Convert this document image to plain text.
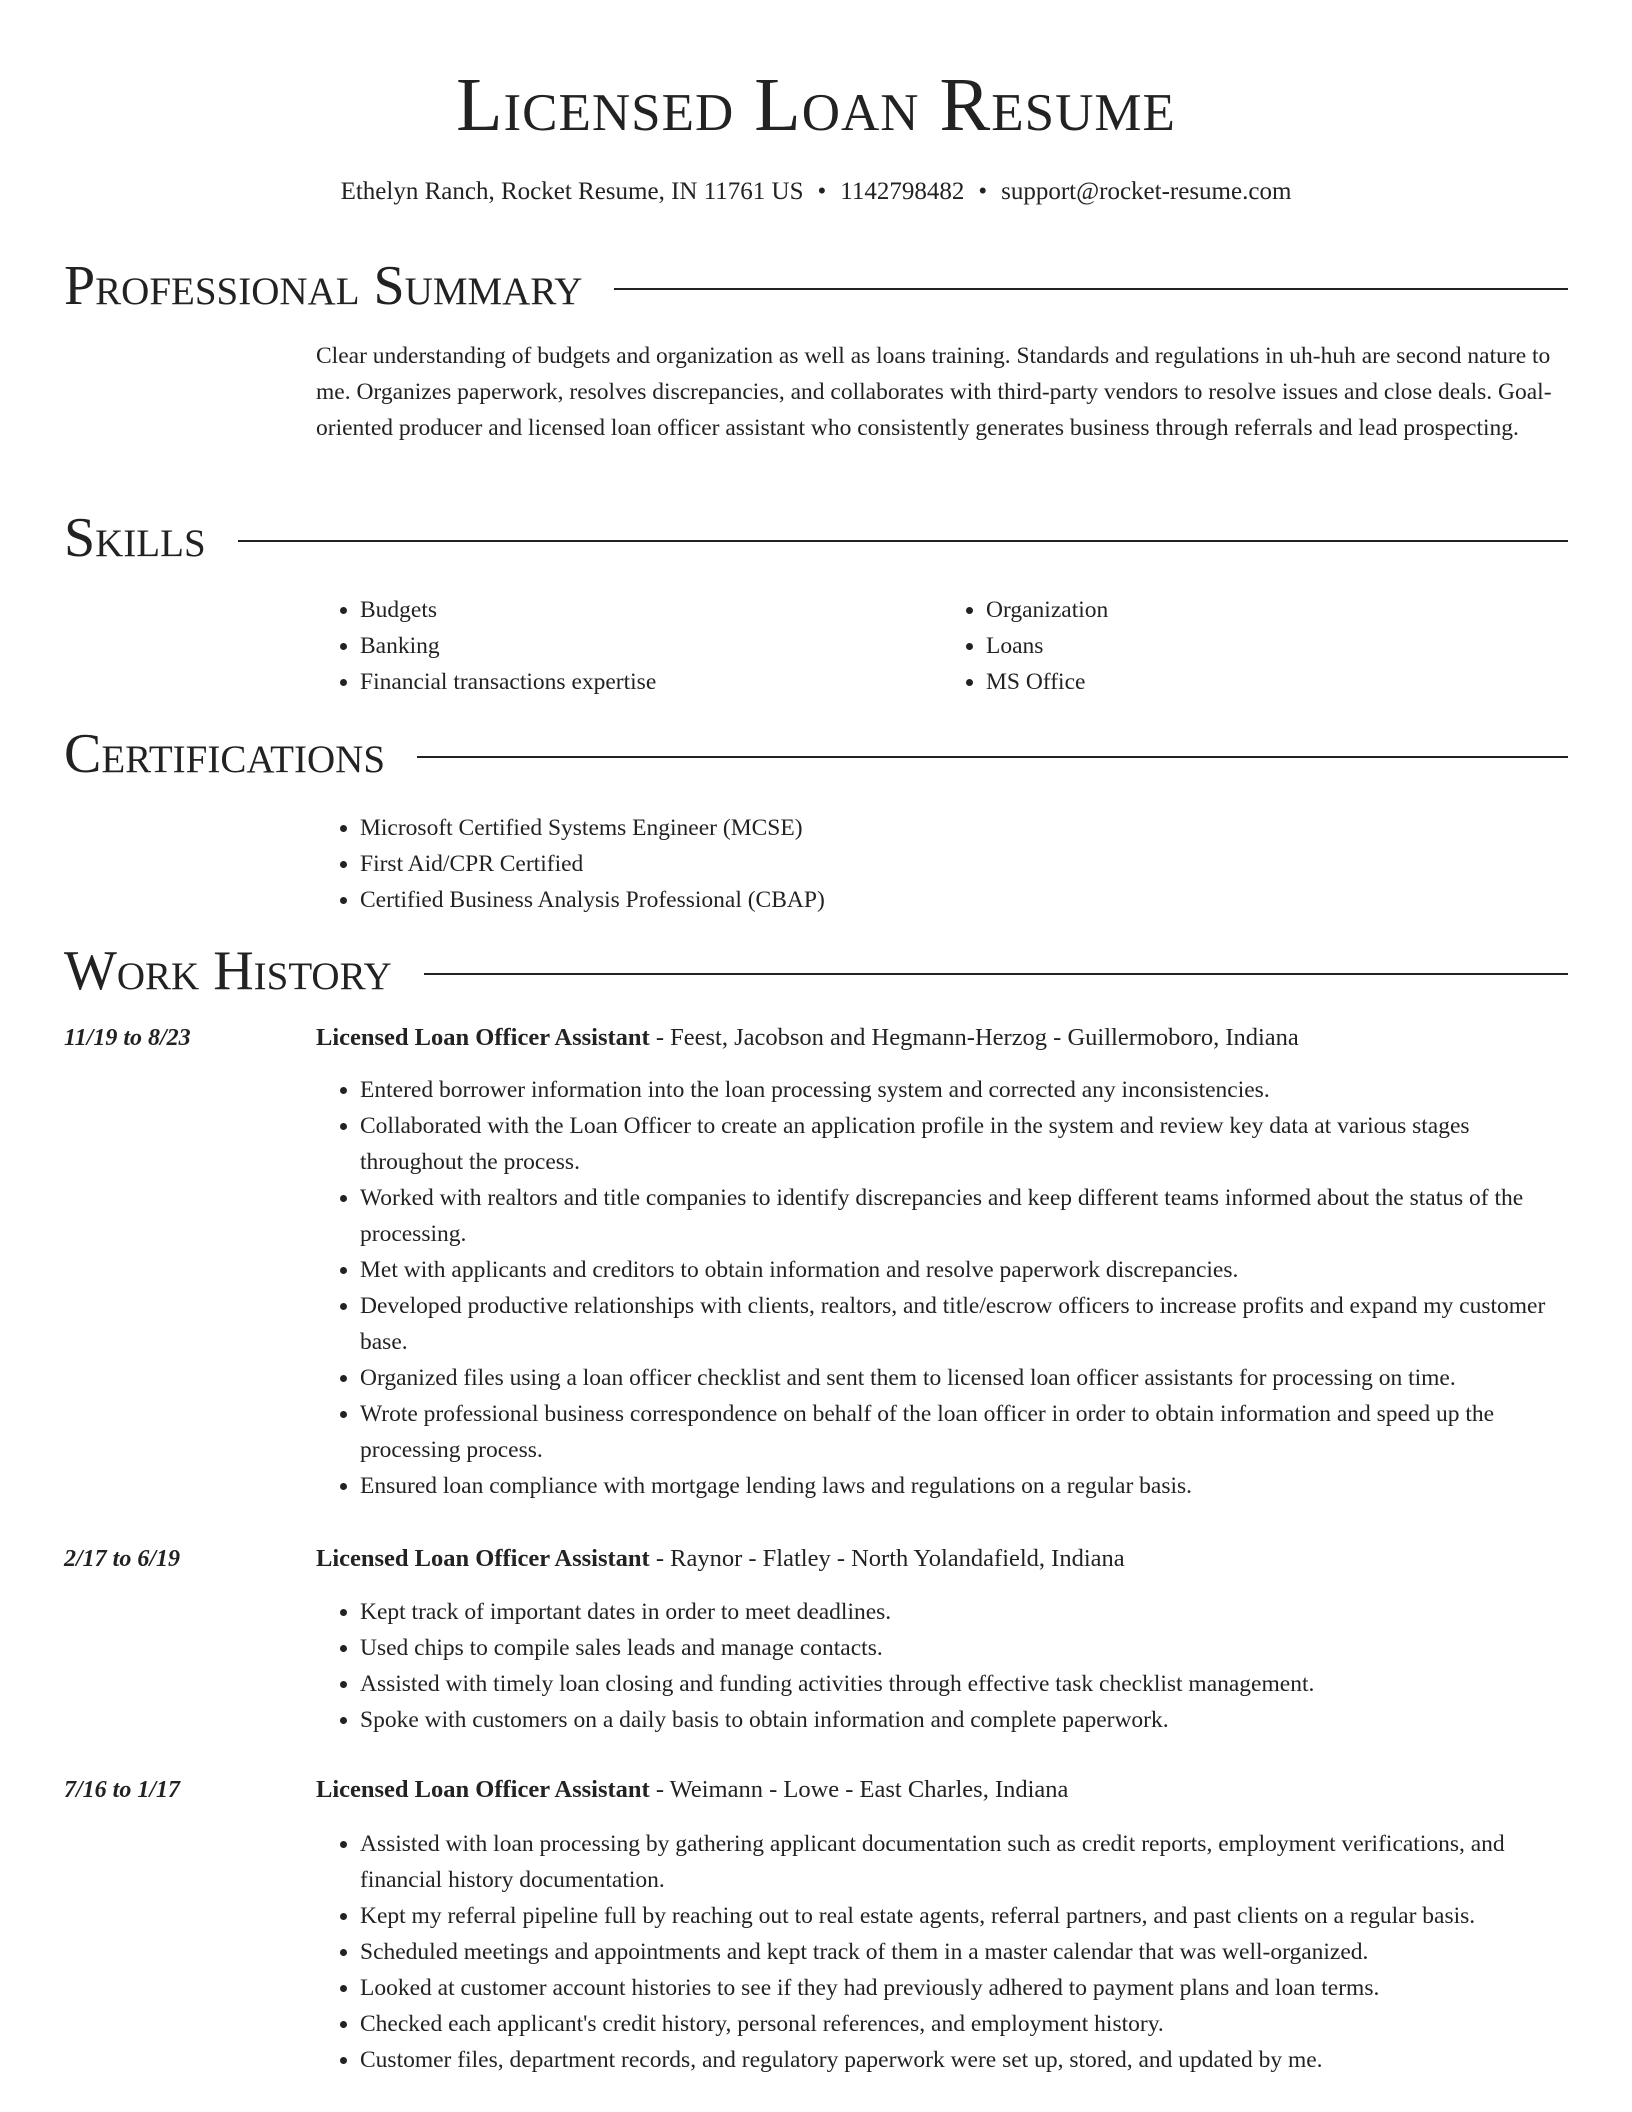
Licensed Loan Resume
Ethelyn Ranch, Rocket Resume, IN 11761 US • 1142798482 • support@rocket-resume.com
Professional Summary
Clear understanding of budgets and organization as well as loans training. Standards and regulations in uh-huh are second nature to me. Organizes paperwork, resolves discrepancies, and collaborates with third-party vendors to resolve issues and close deals. Goal-oriented producer and licensed loan officer assistant who consistently generates business through referrals and lead prospecting.
Skills
• Budgets
• Banking
• Financial transactions expertise
• Organization
• Loans
• MS Office
Certifications
• Microsoft Certified Systems Engineer (MCSE)
• First Aid/CPR Certified
• Certified Business Analysis Professional (CBAP)
Work History
11/19 to 8/23	Licensed Loan Officer Assistant - Feest, Jacobson and Hegmann-Herzog - Guillermoboro, Indiana
• Entered borrower information into the loan processing system and corrected any inconsistencies.
• Collaborated with the Loan Officer to create an application profile in the system and review key data at various stages throughout the process.
• Worked with realtors and title companies to identify discrepancies and keep different teams informed about the status of the processing.
• Met with applicants and creditors to obtain information and resolve paperwork discrepancies.
• Developed productive relationships with clients, realtors, and title/escrow officers to increase profits and expand my customer base.
• Organized files using a loan officer checklist and sent them to licensed loan officer assistants for processing on time.
• Wrote professional business correspondence on behalf of the loan officer in order to obtain information and speed up the processing process.
• Ensured loan compliance with mortgage lending laws and regulations on a regular basis.
2/17 to 6/19	Licensed Loan Officer Assistant - Raynor - Flatley - North Yolandafield, Indiana
• Kept track of important dates in order to meet deadlines.
• Used chips to compile sales leads and manage contacts.
• Assisted with timely loan closing and funding activities through effective task checklist management.
• Spoke with customers on a daily basis to obtain information and complete paperwork.
7/16 to 1/17	Licensed Loan Officer Assistant - Weimann - Lowe - East Charles, Indiana
• Assisted with loan processing by gathering applicant documentation such as credit reports, employment verifications, and financial history documentation.
• Kept my referral pipeline full by reaching out to real estate agents, referral partners, and past clients on a regular basis.
• Scheduled meetings and appointments and kept track of them in a master calendar that was well-organized.
• Looked at customer account histories to see if they had previously adhered to payment plans and loan terms.
• Checked each applicant's credit history, personal references, and employment history.
• Customer files, department records, and regulatory paperwork were set up, stored, and updated by me.
